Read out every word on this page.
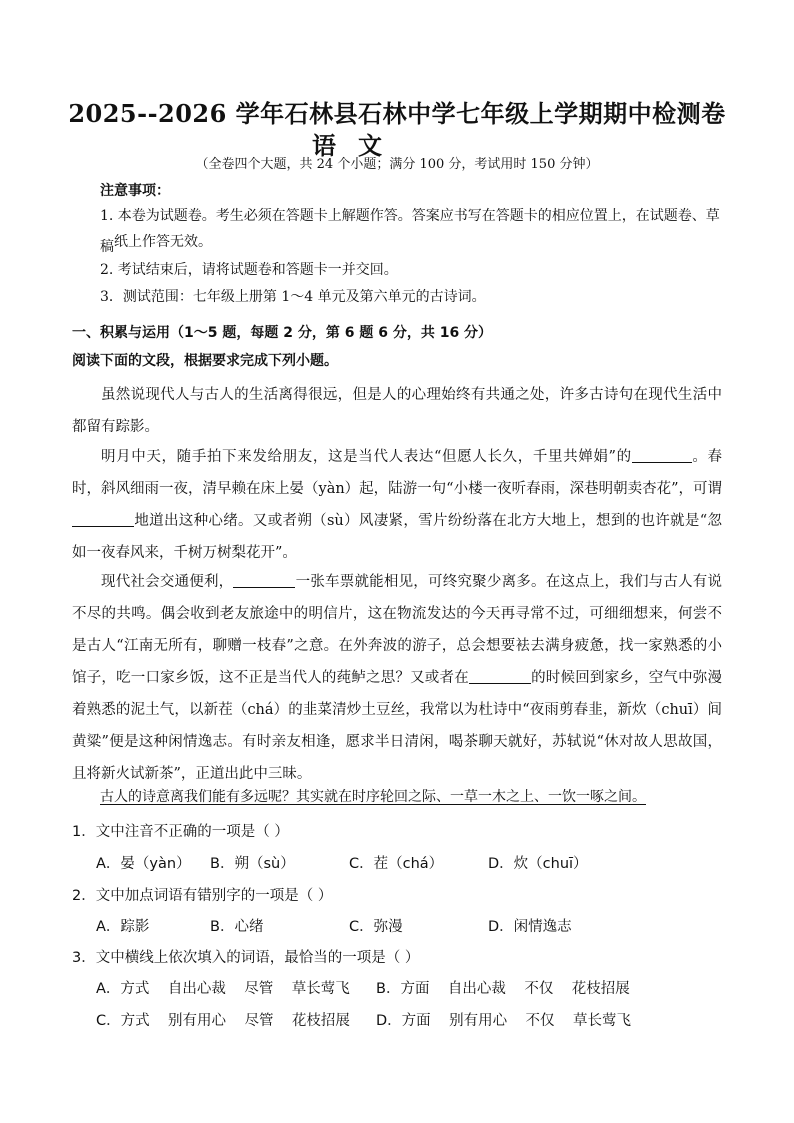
2025--2026 学年石林县石林中学七年级上学期期中检测卷
语文
（全卷四个大题，共 24 个小题；满分 100 分，考试用时 150 分钟）
注意事项：
1. 本卷为试题卷。考生必须在答题卡上解题作答。答案应书写在答题卡的相应位置上，在试题卷、草稿 纸上作答无效。
2. 考试结束后，请将试题卷和答题卡一并交回。
3．测试范围：七年级上册第 1～4 单元及第六单元的古诗词。
一、积累与运用（1～5 题，每题 2 分，第 6 题 6 分，共 16 分）
阅读下面的文段，根据要求完成下列小题。
虽然说现代人与古人的生活离得很远，但是人的心理始终有共通之处，许多古诗句在现代生活中都留有踪影。
明月中天，随手拍下来发给朋友，这是当代人表达“但愿人长久，千里共婵娟”的	。春时，斜风细雨一夜，清早赖在床上晏（yàn）起，陆游一句“小楼一夜听春雨，深巷明朝卖杏花”，可谓地道出这种心绪。又或者朔（sù）风凄紧，雪片纷纷落在北方大地上，想到的也许就是“忽如一夜春风来，千树万树梨花开”。
现代社会交通便利，	一张车票就能相见，可终究聚少离多。在这点上，我们与古人有说不尽的共鸣。偶会收到老友旅途中的明信片，这在物流发达的今天再寻常不过，可细细想来，何尝不是古人“江南无所有，聊赠一枝春”之意。在外奔波的游子，总会想要袪去满身疲惫，找一家熟悉的小馆子，吃一口家乡饭，这不正是当代人的莼鲈之思？又或者在	的时候回到家乡，空气中弥漫着熟悉的泥土气，以新茬（chá）的韭菜清炒土豆丝，我常以为杜诗中“夜雨剪春韭，新炊（chuī）间黄粱”便是这种闲情逸志。有时亲友相逢，愿求半日清闲，喝茶聊天就好，苏轼说“休对故人思故国，且将新火试新茶”，正道出此中三昧。
古人的诗意离我们能有多远呢？其实就在时序轮回之际、一草一木之上、一饮一啄之间。
1．文中注音不正确的一项是（ ）
A．晏（yàn） B．朔（sù）	C．茬（chá）	D．炊（chuī）
2．文中加点词语有错别字的一项是（ ）
A．踪影	B．心绪	C．弥漫	D．闲情逸志
3．文中横线上依次填入的词语，最恰当的一项是（ ）
A．方式    自出心裁    尽管    草长莺飞 B．方面    自出心裁    不仅    花枝招展
C．方式    别有用心    尽管    花枝招展 D．方面    别有用心    不仅    草长莺飞
